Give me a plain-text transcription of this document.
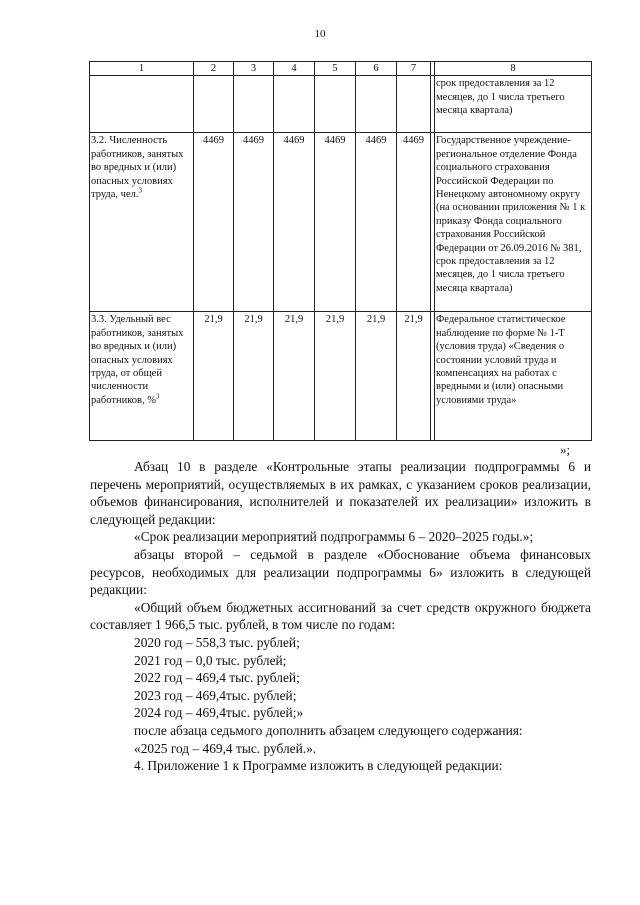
10
1	2	3	4	5	6	7		8
								срок предоставления за 12 месяцев, до 1 числа третьего месяца квартала)
3.2. Численность работников, занятых во вредных и (или) опасных условиях труда, чел.$^3$	4469	4469	4469	4469	4469	4469		Государственное учреждение-региональное отделение Фонда социального страхования Российской Федерации по Ненецкому автономному округу (на основании приложения № 1 к приказу Фонда социального страхования Российской Федерации от 26.09.2016 № 381, срок предоставления за 12 месяцев, до 1 числа третьего месяца квартала)
3.3. Удельный вес работников, занятых во вредных и (или) опасных условиях труда, от общей численности работников, %$^3$	21,9	21,9	21,9	21,9	21,9	21,9		Федеральное статистическое наблюдение по форме № 1-Т (условия труда) «Сведения о состоянии условий труда и компенсациях на работах с вредными и (или) опасными условиями труда»
»;

Абзац 10 в разделе «Контрольные этапы реализации подпрограммы 6 и перечень мероприятий, осуществляемых в их рамках, с указанием сроков реализации, объемов финансирования, исполнителей и показателей их реализации» изложить в следующей редакции:

«Срок реализации мероприятий подпрограммы 6 – 2020–2025 годы.»;

абзацы второй – седьмой в разделе «Обоснование объема финансовых ресурсов, необходимых для реализации подпрограммы 6» изложить в следующей редакции:

«Общий объем бюджетных ассигнований за счет средств окружного бюджета составляет 1 966,5 тыс. рублей, в том числе по годам:

2020 год – 558,3 тыс. рублей;

2021 год – 0,0 тыс. рублей;

2022 год – 469,4 тыс. рублей;

2023 год – 469,4тыс. рублей;

2024 год – 469,4тыс. рублей;»

после абзаца седьмого дополнить абзацем следующего содержания:

«2025 год – 469,4 тыс. рублей.».

4. Приложение 1 к Программе изложить в следующей редакции:
